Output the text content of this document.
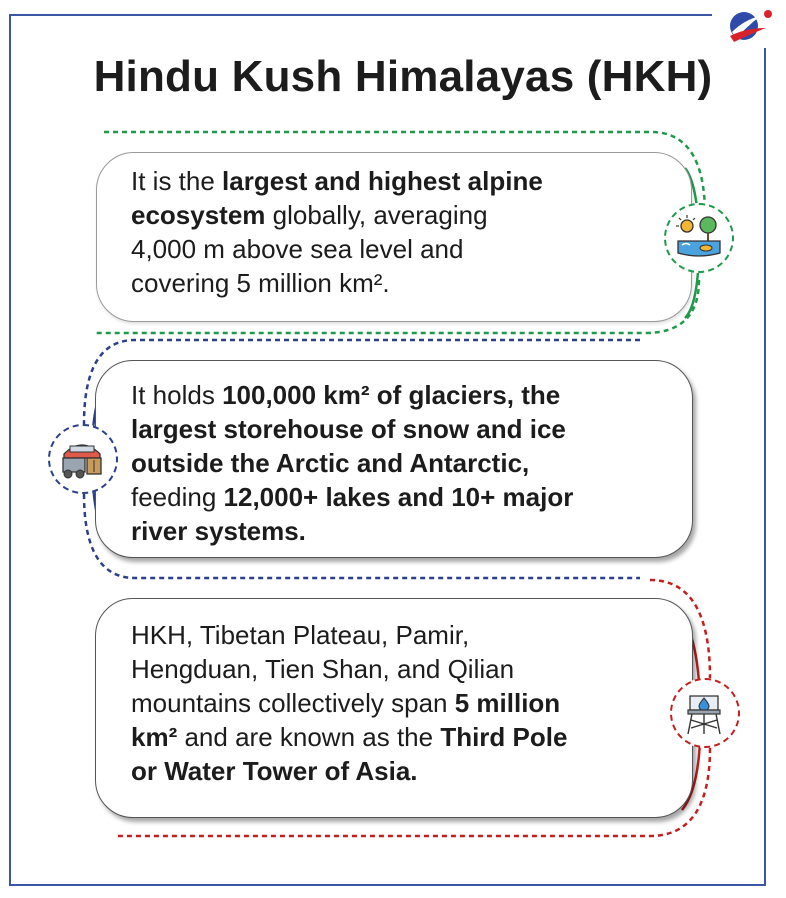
Hindu Kush Himalayas (HKH)
It is the largest and highest alpine
ecosystem globally, averaging
4,000 m above sea level and
covering 5 million km².
It holds 100,000 km² of glaciers, the
largest storehouse of snow and ice
outside the Arctic and Antarctic,
feeding 12,000+ lakes and 10+ major
river systems.
HKH, Tibetan Plateau, Pamir,
Hengduan, Tien Shan, and Qilian
mountains collectively span 5 million
km² and are known as the Third Pole
or Water Tower of Asia.
